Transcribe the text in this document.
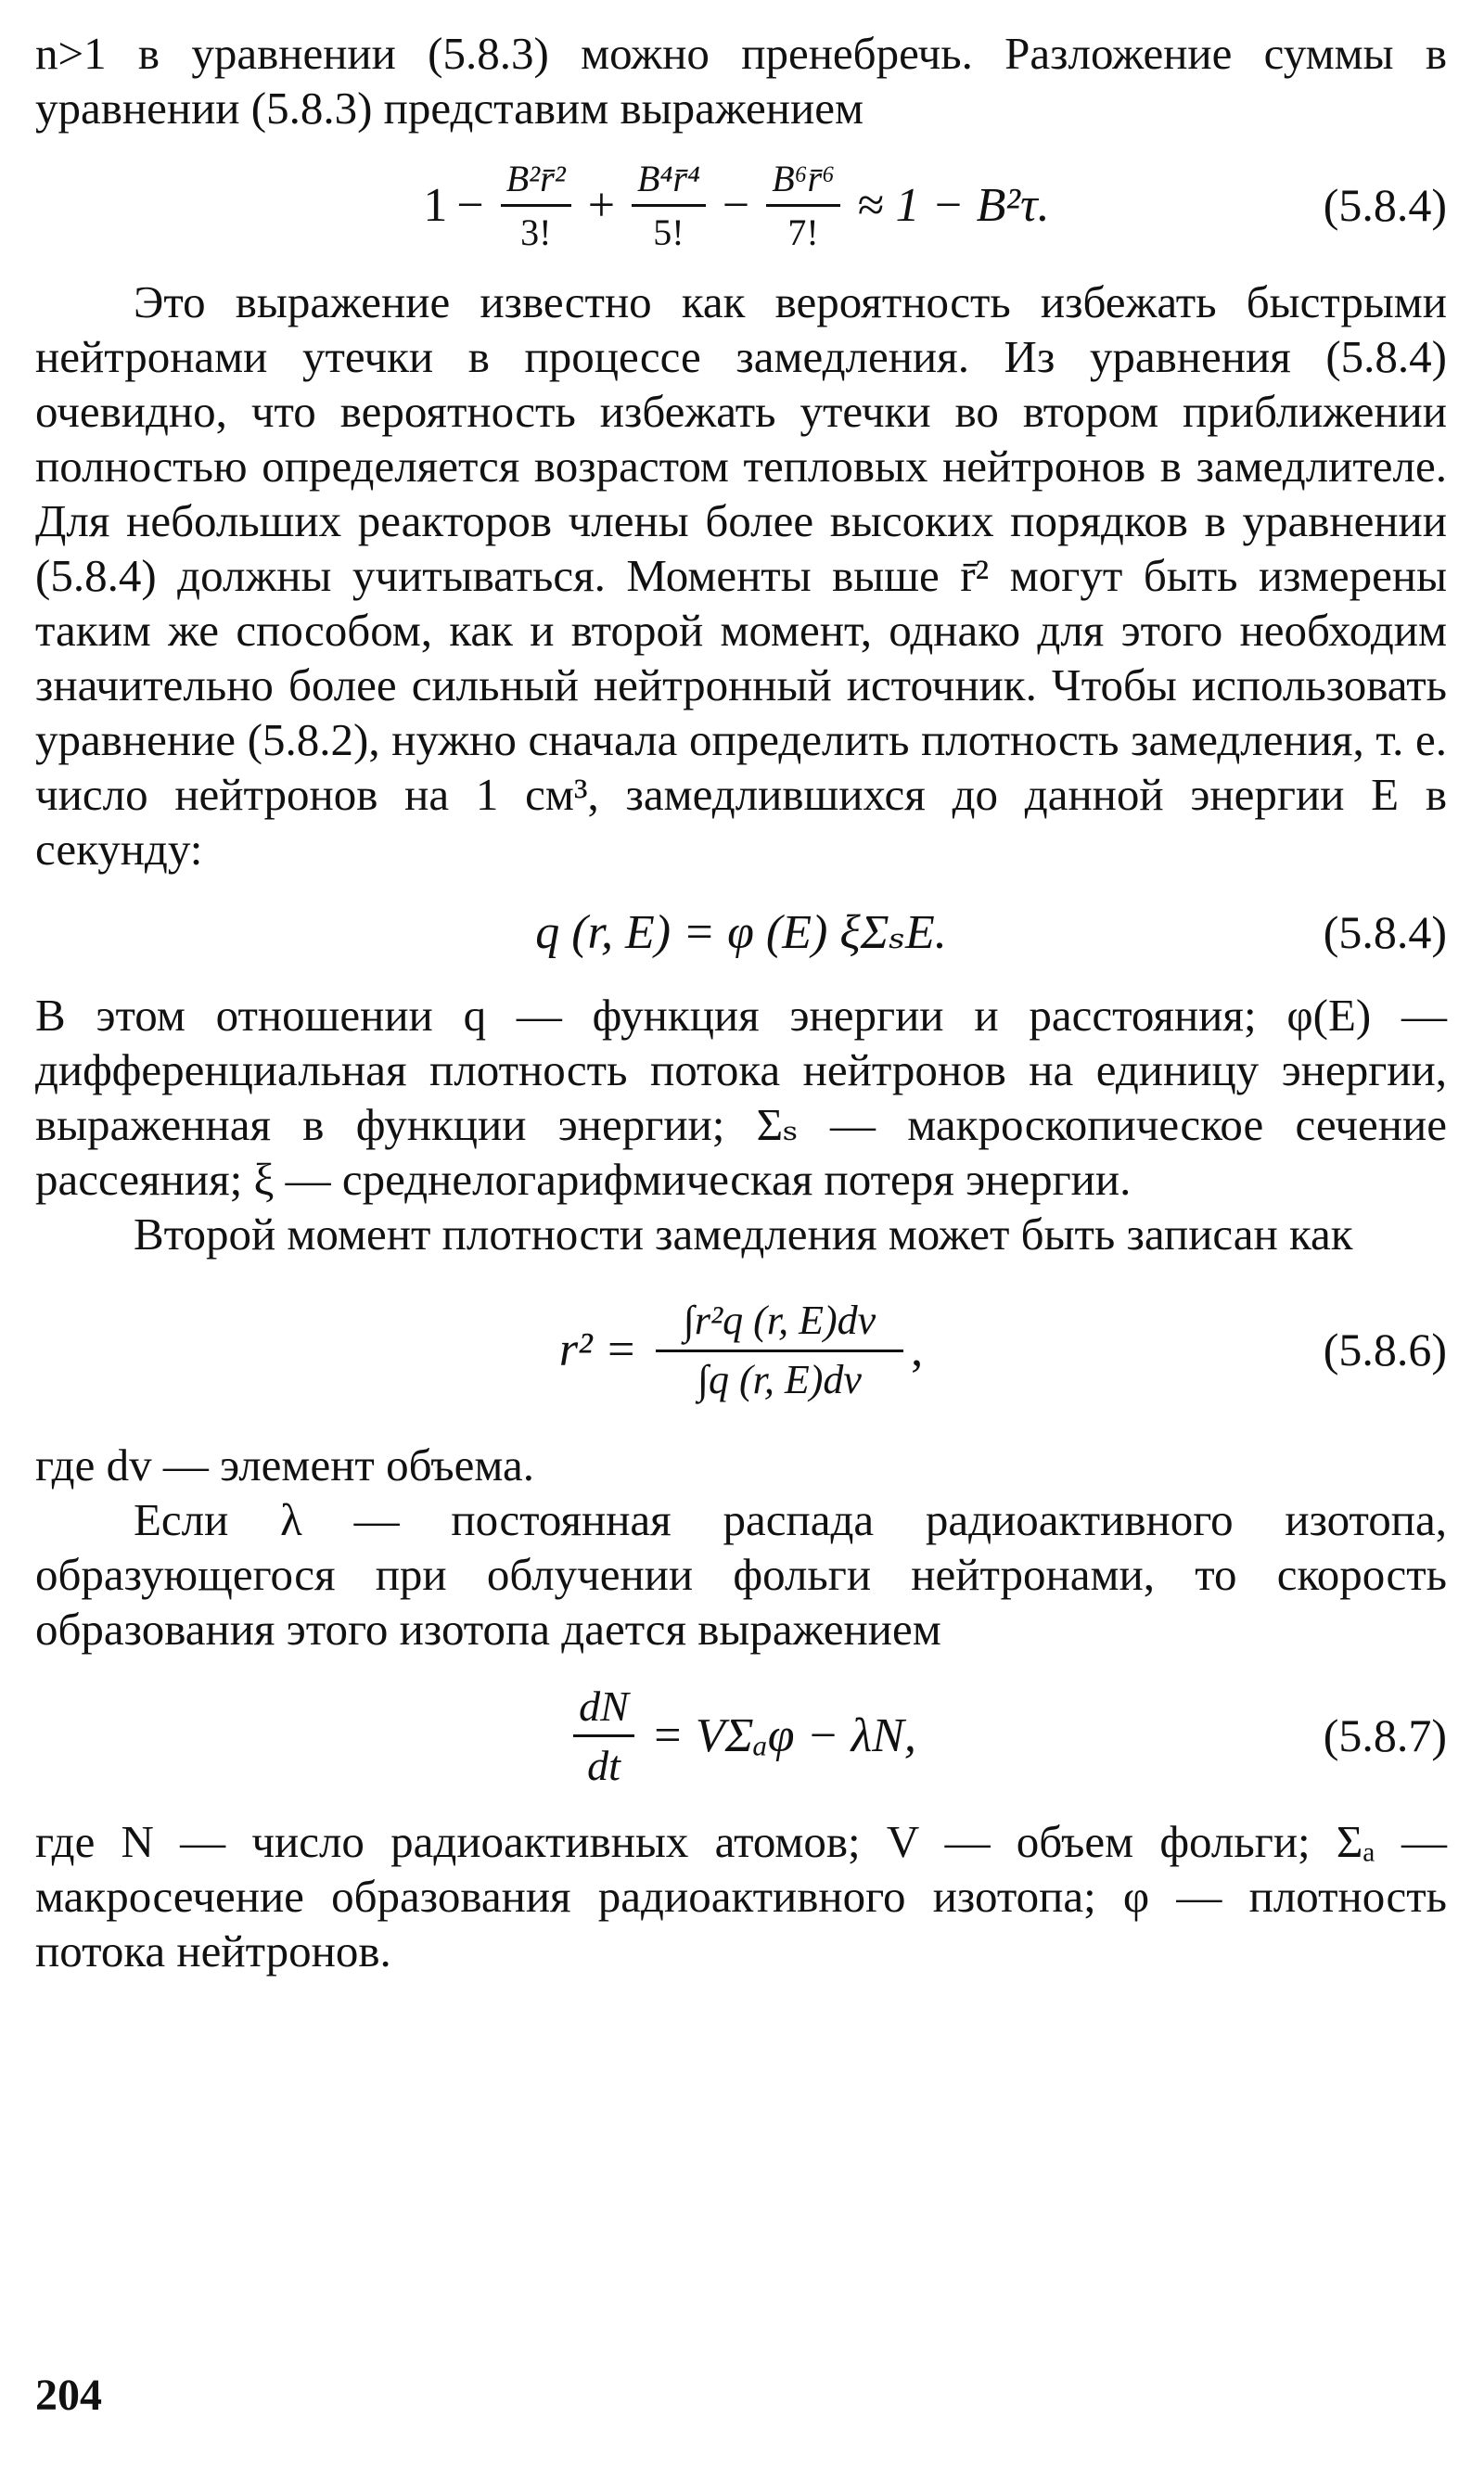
n>1 в уравнении (5.8.3) можно пренебречь. Разложение суммы в уравнении (5.8.3) представим выражением

$1 - \frac{\text{B²r̄²}}{3!} + \frac{\text{B⁴r̄⁴}}{5!} - \frac{\text{B⁶r̄⁶}}{7!} \approx 1 - B^2\tau$.	(5.8.4)

Это выражение известно как вероятность избежать быстрыми нейтронами утечки в процессе замедления. Из уравнения (5.8.4) очевидно, что вероятность избежать утечки во втором приближении полностью определяется возрастом тепловых нейтронов в замедлителе. Для небольших реакторов члены более высоких порядков в уравнении (5.8.4) должны учитываться. Моменты выше r̄² могут быть измерены таким же способом, как и второй момент, однако для этого необходим значительно более сильный нейтронный источник. Чтобы использовать уравнение (5.8.2), нужно сначала определить плотность замедления, т. е. число нейтронов на 1 см³, замедлившихся до данной энергии E в секунду:

q (r, E) = φ (E) ξΣₛE.	(5.8.4)

В этом отношении q — функция энергии и расстояния; φ(E) — дифференциальная плотность потока нейтронов на единицу энергии, выраженная в функции энергии; Σₛ — макроскопическое сечение рассеяния; ξ — среднелогарифмическая потеря энергии.

Второй момент плотности замедления может быть записан как

$r^2 = \frac{\text{∫r²q (r, E)dv}}{\int q (r, E)dv}$ ,	(5.8.6)

где dv — элемент объема.

Если λ — постоянная распада радиоактивного изотопа, образующегося при облучении фольги нейтронами, то скорость образования этого изотопа дается выражением

$\frac{dN}{dt} = V\Sigma_a\varphi - \lambda N$,	(5.8.7)

где N — число радиоактивных атомов; V — объем фольги; Σₐ — макросечение образования радиоактивного изотопа; φ — плотность потока нейтронов.

204
